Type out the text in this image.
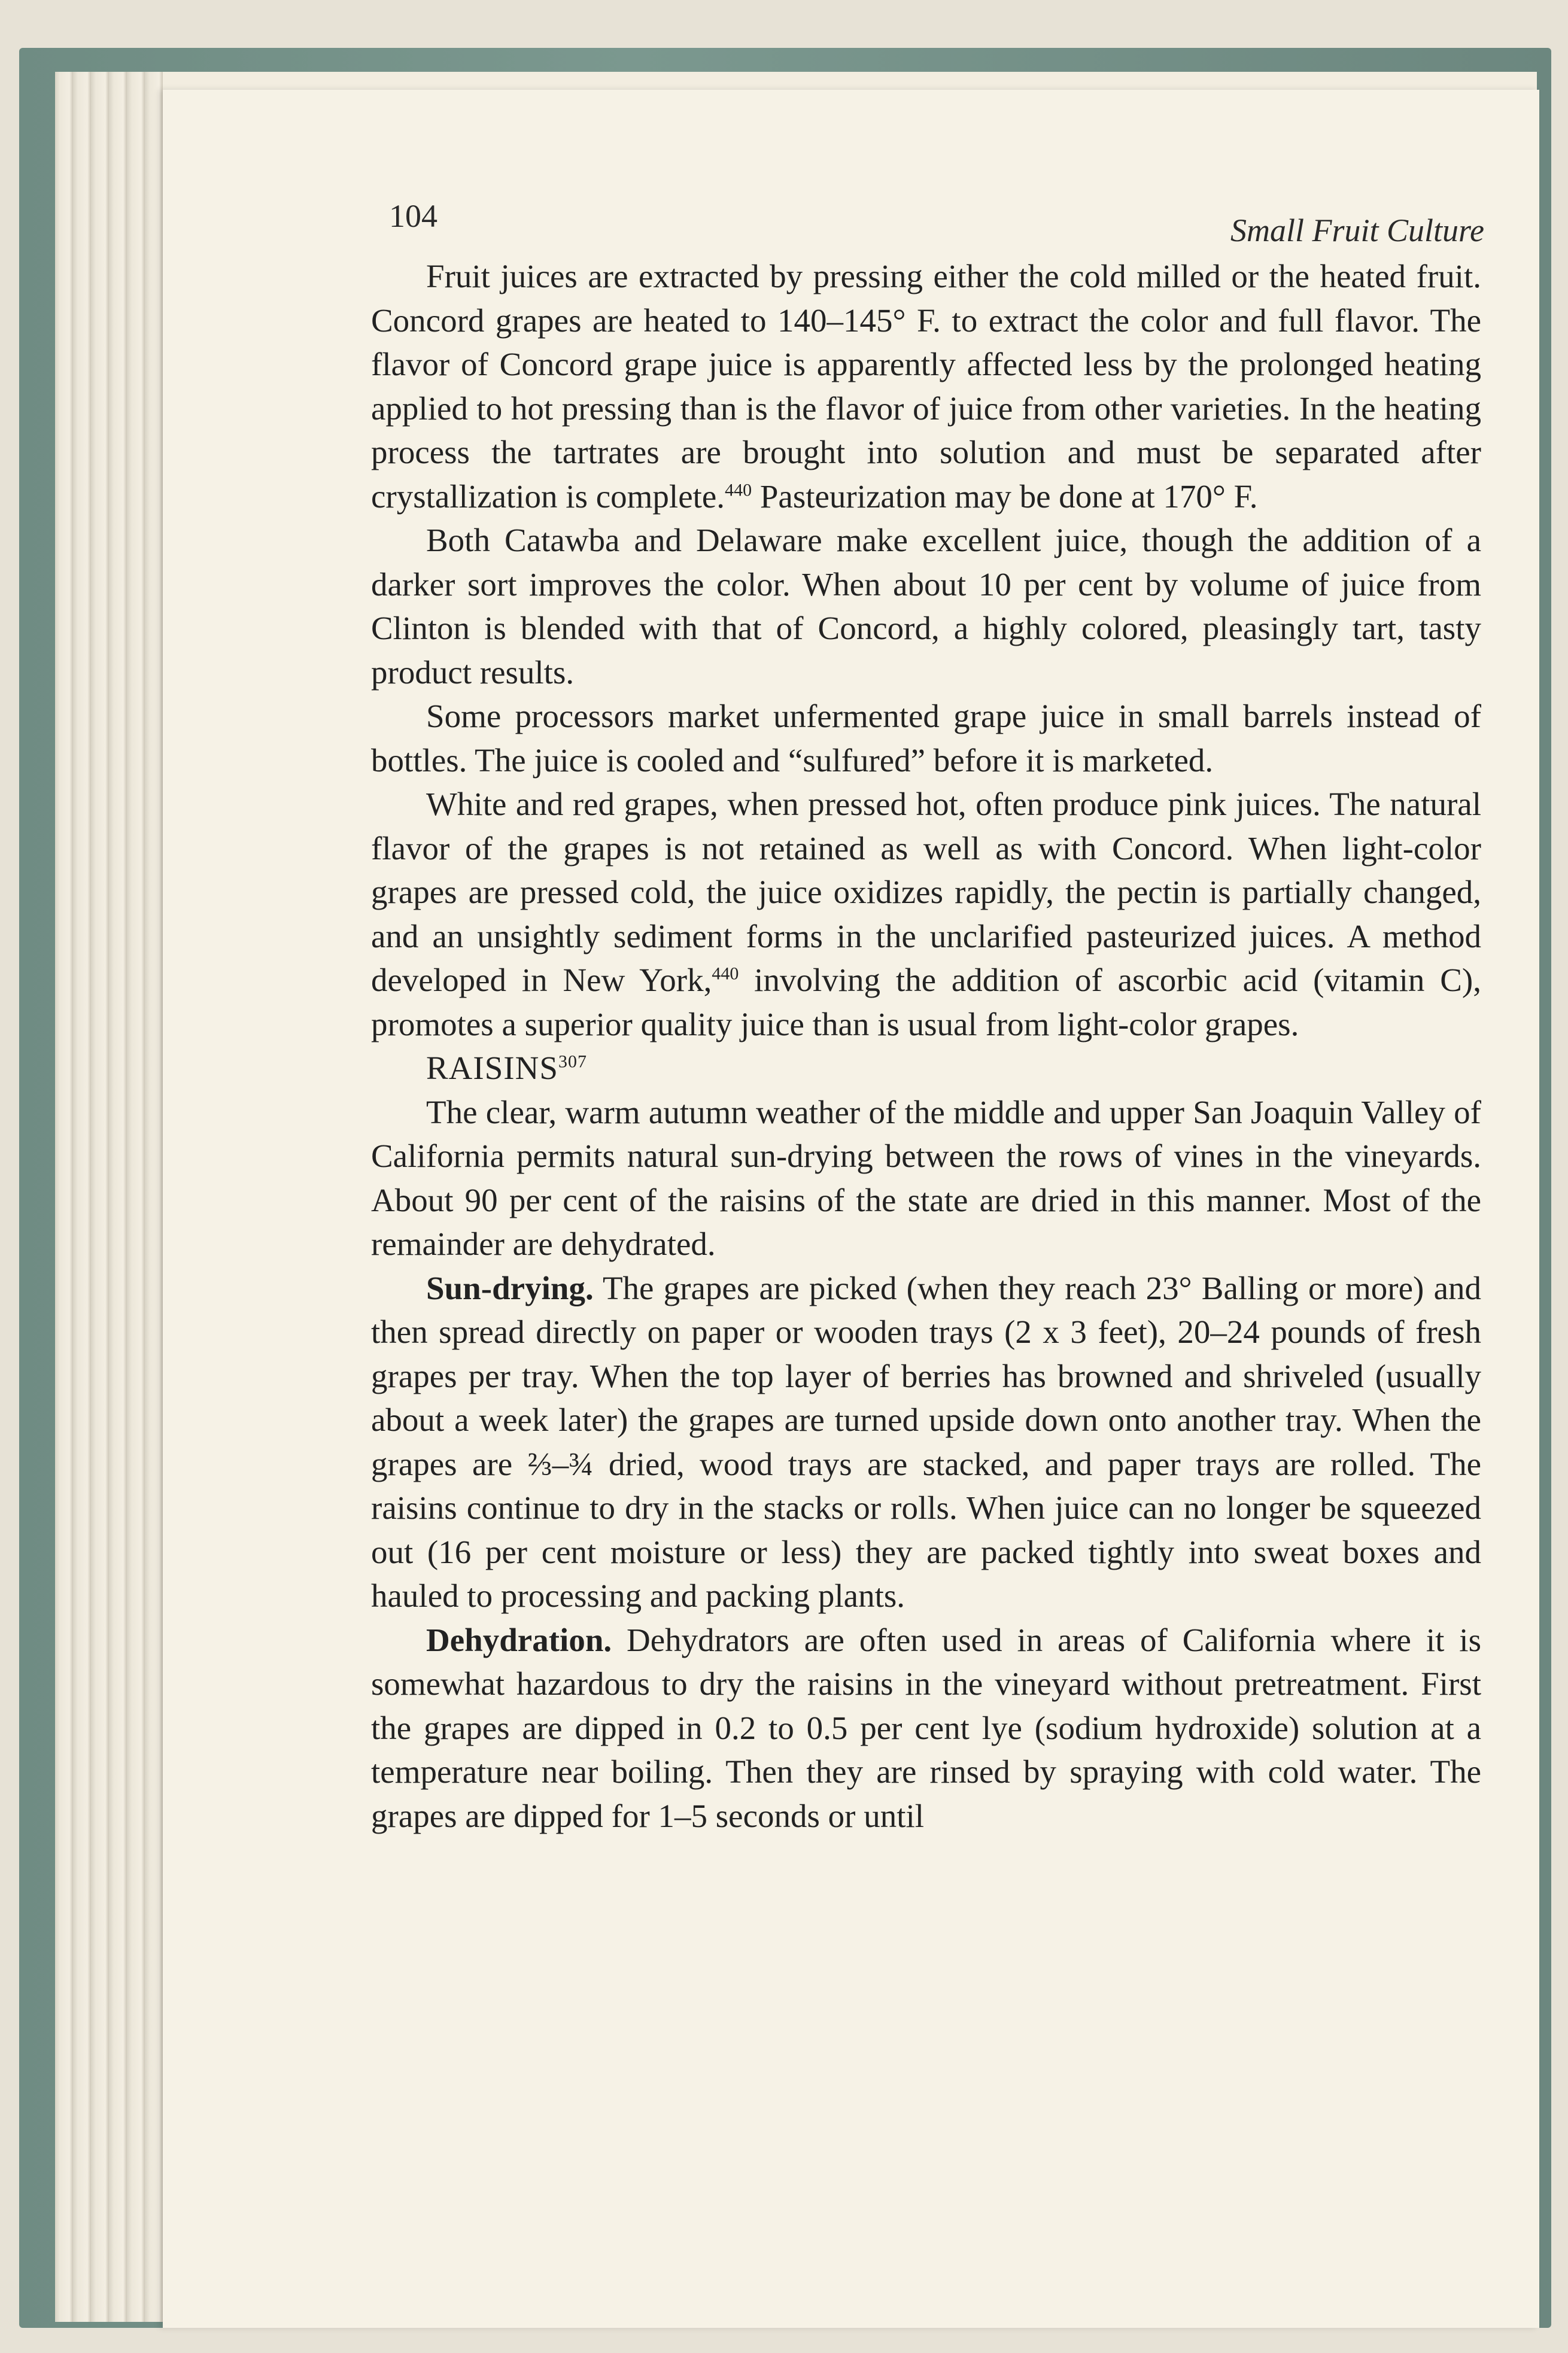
104	Small Fruit Culture

Fruit juices are extracted by pressing either the cold milled or the heated fruit. Concord grapes are heated to 140–145° F. to extract the color and full flavor. The flavor of Concord grape juice is apparently affected less by the prolonged heating applied to hot pressing than is the flavor of juice from other varieties. In the heating process the tartrates are brought into solution and must be separated after crystallization is complete.$^{440}$ Pasteurization may be done at 170° F.

Both Catawba and Delaware make excellent juice, though the addition of a darker sort improves the color. When about 10 per cent by volume of juice from Clinton is blended with that of Concord, a highly colored, pleasingly tart, tasty product results.

Some processors market unfermented grape juice in small barrels instead of bottles. The juice is cooled and “sulfured” before it is marketed.

White and red grapes, when pressed hot, often produce pink juices. The natural flavor of the grapes is not retained as well as with Concord. When light-color grapes are pressed cold, the juice oxidizes rapidly, the pectin is partially changed, and an unsightly sediment forms in the unclarified pasteurized juices. A method developed in New York,$^{440}$ involving the addition of ascorbic acid (vitamin C), promotes a superior quality juice than is usual from light-color grapes.

RAISINS$^{307}$

The clear, warm autumn weather of the middle and upper San Joaquin Valley of California permits natural sun-drying between the rows of vines in the vineyards. About 90 per cent of the raisins of the state are dried in this manner. Most of the remainder are dehydrated.

Sun-drying. The grapes are picked (when they reach 23° Balling or more) and then spread directly on paper or wooden trays (2 x 3 feet), 20–24 pounds of fresh grapes per tray. When the top layer of berries has browned and shriveled (usually about a week later) the grapes are turned upside down onto another tray. When the grapes are ⅔–¾ dried, wood trays are stacked, and paper trays are rolled. The raisins continue to dry in the stacks or rolls. When juice can no longer be squeezed out (16 per cent moisture or less) they are packed tightly into sweat boxes and hauled to processing and packing plants.

Dehydration. Dehydrators are often used in areas of California where it is somewhat hazardous to dry the raisins in the vineyard without pretreatment. First the grapes are dipped in 0.2 to 0.5 per cent lye (sodium hydroxide) solution at a temperature near boiling. Then they are rinsed by spraying with cold water. The grapes are dipped for 1–5 seconds or until
